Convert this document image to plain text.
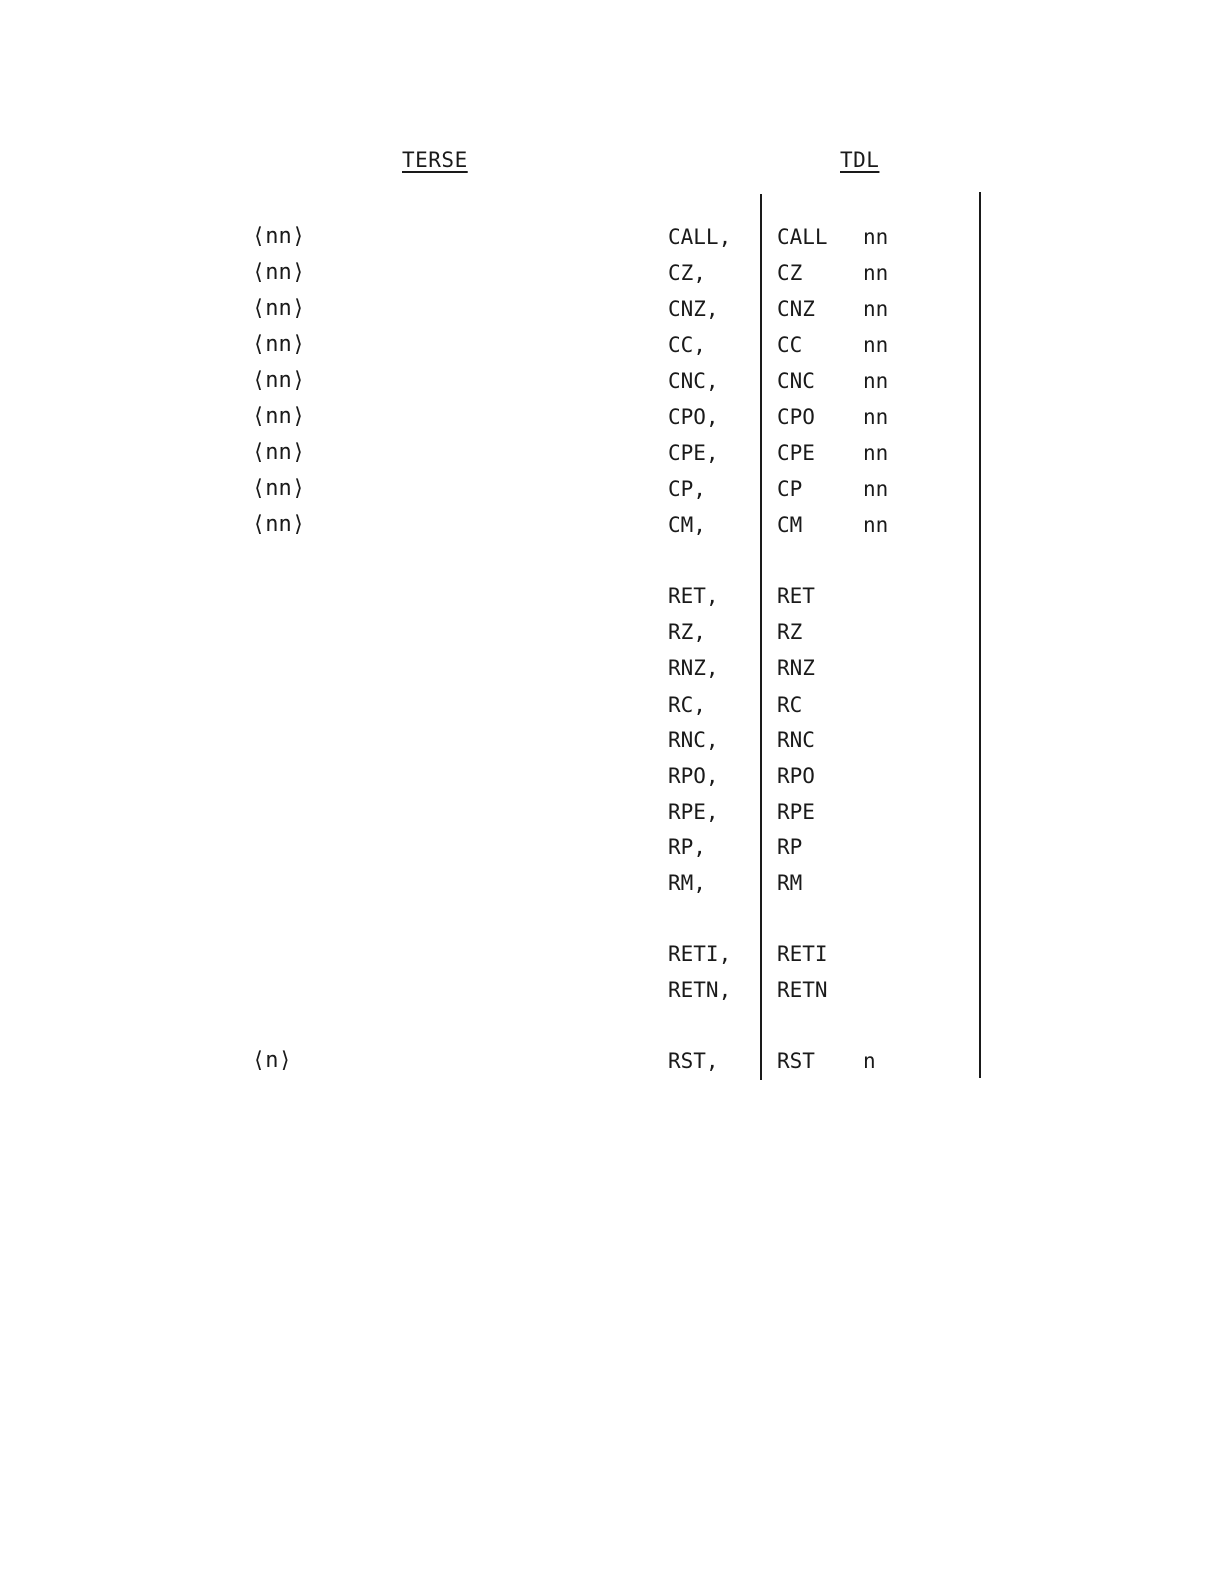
TERSE	TDL
⟨nn⟩	CALL, CALL nn
⟨nn⟩	CZ,	CZ	nn
⟨nn⟩	CNZ,	CNZ nn
⟨nn⟩	CC,	CC	nn
⟨nn⟩	CNC,	CNC nn
⟨nn⟩	CPO,	CPO nn
⟨nn⟩	CPE,	CPE nn
⟨nn⟩	CP,	CP	nn
⟨nn⟩	CM,	CM	nn
RET,	RET
RZ,	RZ
RNZ,	RNZ
RC,	RC
RNC,	RNC
RPO,	RPO
RPE,	RPE
RP,	RP
RM,	RM
RETI, RETI
RETN, RETN
⟨n⟩	RST,	RST n
